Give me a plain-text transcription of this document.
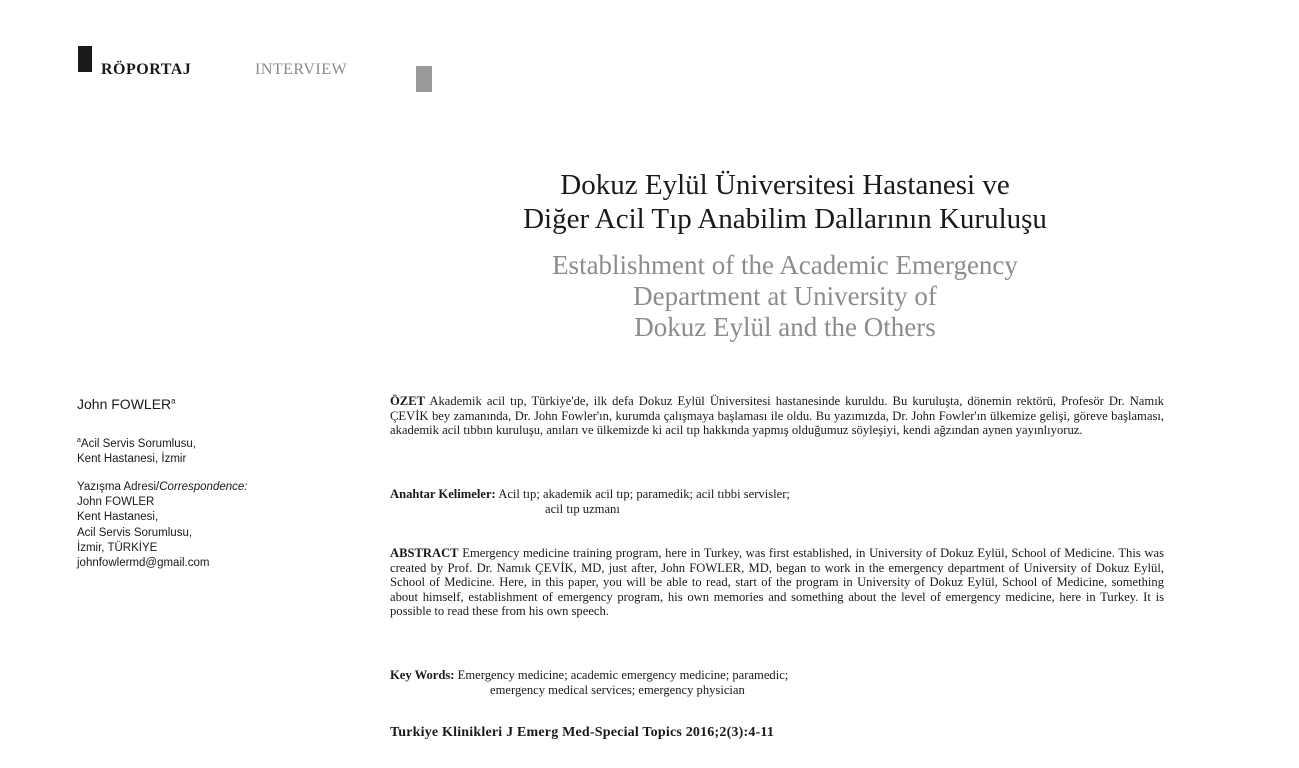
RÖPORTAJ	INTERVIEW
Dokuz Eylül Üniversitesi Hastanesi ve
Diğer Acil Tıp Anabilim Dallarının Kuruluşu
Establishment of the Academic Emergency
Department at University of
Dokuz Eylül and the Others
John FOWLER$^a$
$^a$Acil Servis Sorumlusu,
Kent Hastanesi, İzmir
Yazışma Adresi/Correspondence:
John FOWLER
Kent Hastanesi,
Acil Servis Sorumlusu,
İzmir, TÜRKİYE
johnfowlermd@gmail.com
ÖZET Akademik acil tıp, Türkiye'de, ilk defa Dokuz Eylül Üniversitesi hastanesinde kuruldu. Bu kuruluşta, dönemin rektörü, Profesör Dr. Namık ÇEVİK bey zamanında, Dr. John Fowler'ın, kurumda çalışmaya başlaması ile oldu. Bu yazımızda, Dr. John Fowler'ın ülkemize gelişi, göreve başlaması, akademik acil tıbbın kuruluşu, anıları ve ülkemizde ki acil tıp hakkında yapmış olduğumuz söyleşiyi, kendi ağzından aynen yayınlıyoruz.
Anahtar Kelimeler: Acil tıp; akademik acil tıp; paramedik; acil tıbbi servisler;
acil tıp uzmanı
ABSTRACT Emergency medicine training program, here in Turkey, was first established, in University of Dokuz Eylül, School of Medicine. This was created by Prof. Dr. Namık ÇEVİK, MD, just after, John FOWLER, MD, began to work in the emergency department of University of Dokuz Eylül, School of Medicine. Here, in this paper, you will be able to read, start of the program in University of Dokuz Eylül, School of Medicine, something about himself, establishment of emergency program, his own memories and something about the level of emergency medicine, here in Turkey. It is possible to read these from his own speech.
Key Words: Emergency medicine; academic emergency medicine; paramedic;
emergency medical services; emergency physician
Turkiye Klinikleri J Emerg Med-Special Topics 2016;2(3):4-11
